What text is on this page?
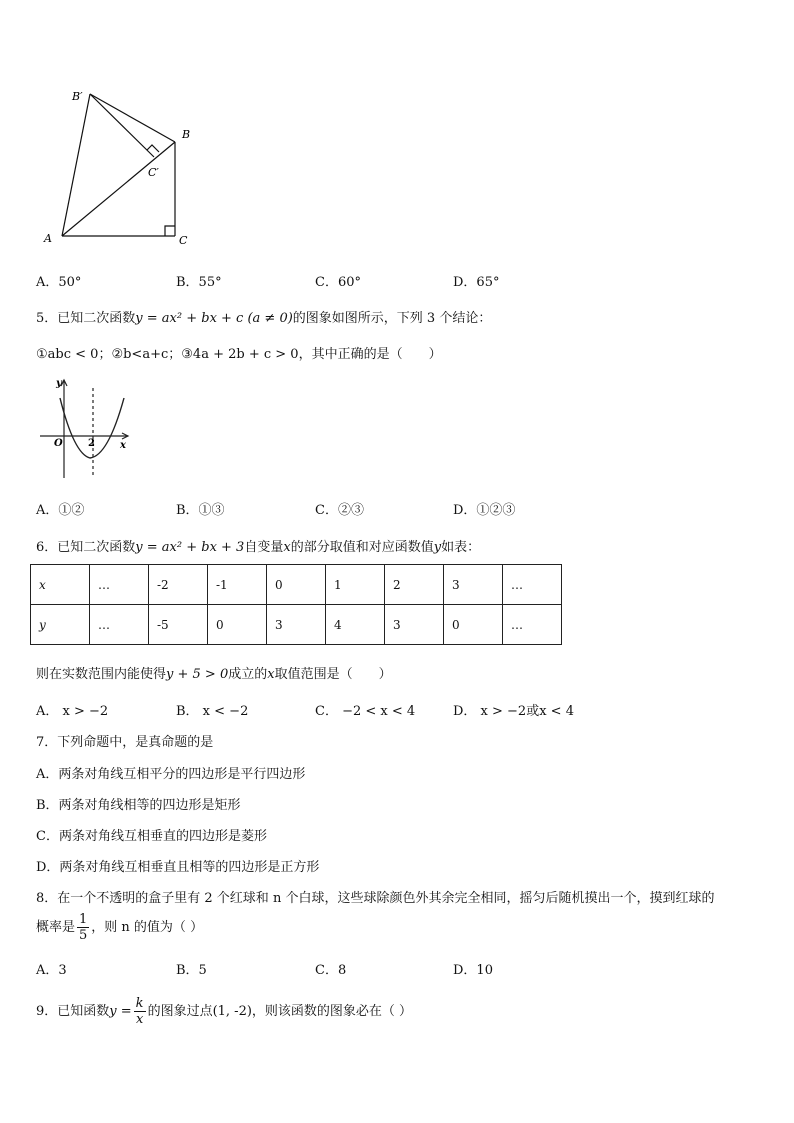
B′
B
C′
A	C
A．50°	B．55°	C．60°	D．65°
5．已知二次函数y = ax² + bx + c (a ≠ 0)的图象如图所示，下列 3 个结论：
①abc < 0；②b<a+c；③4a + 2b + c > 0，其中正确的是（　　）
y
O	2	x
A．①②	B．①③	C．②③	D．①②③
6．已知二次函数y = ax² + bx + 3自变量x的部分取值和对应函数值y如表：
x	…	-2	-1	0	1	2	3	…
y	…	-5	0	3	4	3	0	…
则在实数范围内能使得y + 5 > 0成立的x取值范围是（　　）
A． x > −2	B． x < −2	C． −2 < x < 4	D． x > −2或x < 4
7．下列命题中，是真命题的是
A．两条对角线互相平分的四边形是平行四边形
B．两条对角线相等的四边形是矩形
C．两条对角线互相垂直的四边形是菱形
D．两条对角线互相垂直且相等的四边形是正方形
8．在一个不透明的盒子里有 2 个红球和 n 个白球，这些球除颜色外其余完全相同，摇匀后随机摸出一个，摸到红球的
概率是 $\frac{1}{5}$ ，则 n 的值为（ ）
A．3	B．5	C．8	D．10
9．已知函数$y = \frac{k}{x}$ 的图象过点(1, -2)，则该函数的图象必在（ ）
